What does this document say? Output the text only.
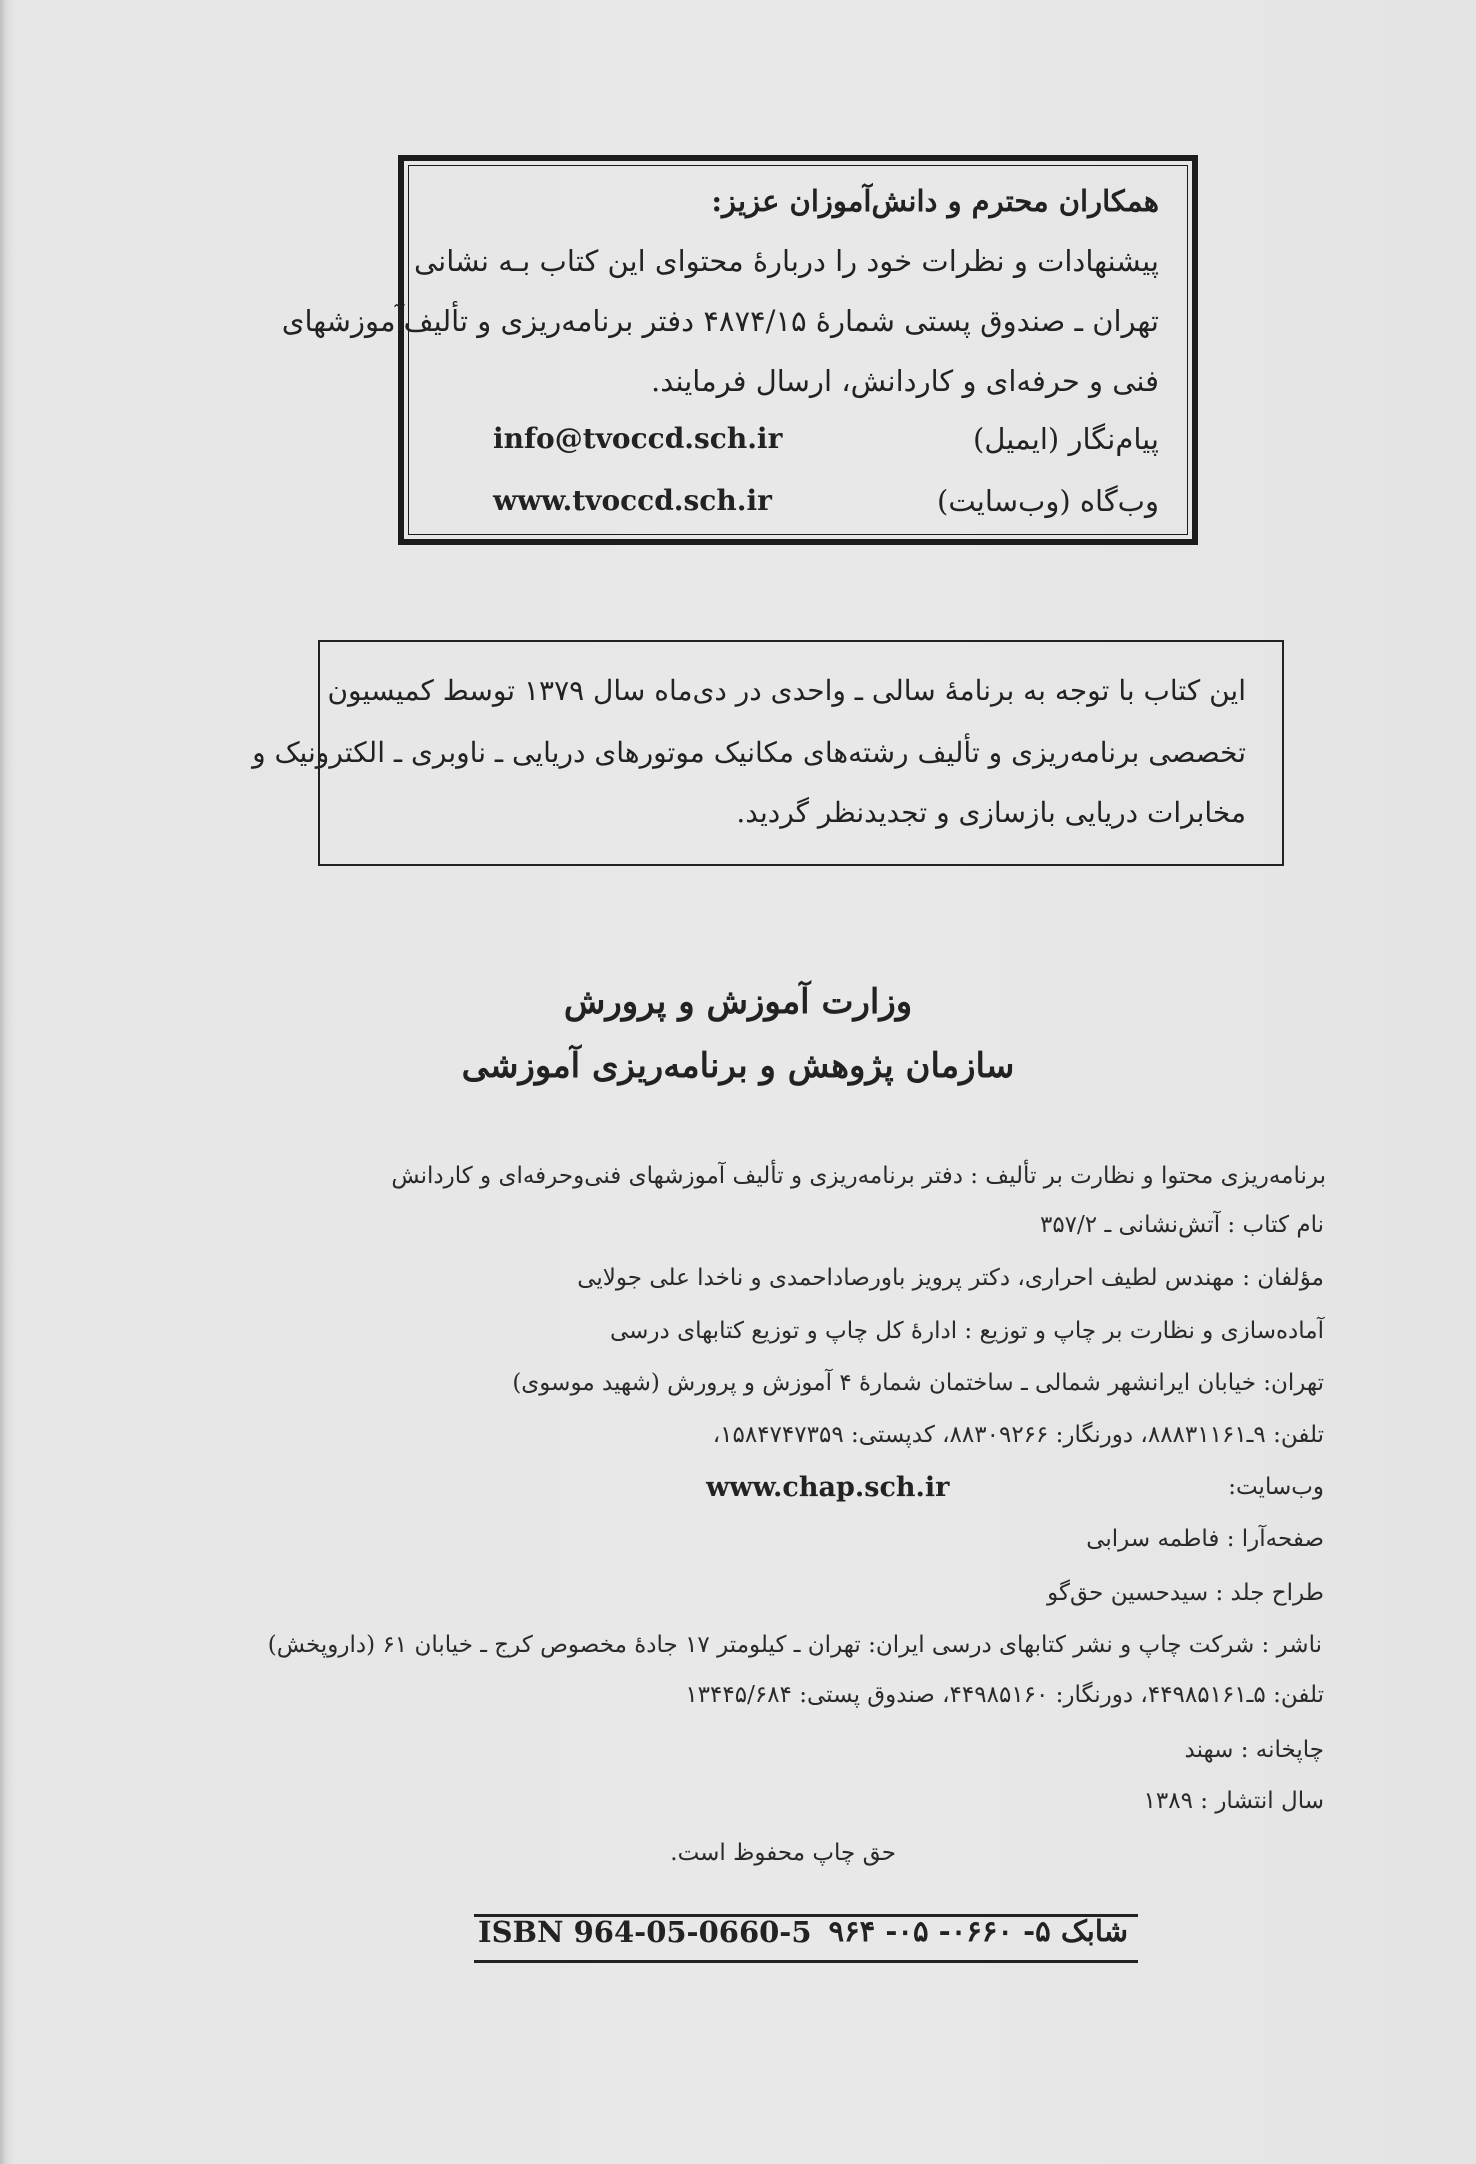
همکاران محترم و دانش‌آموزان عزیز:
پیشنهادات و نظرات خود را دربارهٔ محتوای این کتاب بـه نشانی
تهران ـ صندوق پستی شمارهٔ ۴۸۷۴/۱۵ دفتر برنامه‌ریزی و تألیف‌آموزشهای
فنی و حرفه‌ای و کاردانش، ارسال فرمایند.
پیام‌نگار (ایمیل)
info@tvoccd.sch.ir
وب‌گاه (وب‌سایت)
www.tvoccd.sch.ir
این کتاب با توجه به برنامهٔ سالی ـ واحدی در دی‌ماه سال ۱۳۷۹ توسط کمیسیون
تخصصی برنامه‌ریزی و تألیف رشته‌های مکانیک موتورهای دریایی ـ ناوبری ـ الکترونیک و
مخابرات دریایی بازسازی و تجدیدنظر گردید.
وزارت آموزش و پرورش
سازمان پژوهش و برنامه‌ریزی آموزشی
برنامه‌ریزی محتوا و نظارت بر تألیف : دفتر برنامه‌ریزی و تألیف آموزشهای فنی‌وحرفه‌ای و کاردانش
نام کتاب : آتش‌نشانی ـ ۳۵۷/۲
مؤلفان : مهندس لطیف احراری، دکتر پرویز باورصاداحمدی و ناخدا علی جولایی
آماده‌سازی و نظارت بر چاپ و توزیع : ادارهٔ کل چاپ و توزیع کتابهای درسی
تهران: خیابان ایرانشهر شمالی ـ ساختمان شمارهٔ ۴ آموزش و پرورش (شهید موسوی)
تلفن: ۹ـ۸۸۸۳۱۱۶۱، دورنگار: ۸۸۳۰۹۲۶۶، کدپستی: ۱۵۸۴۷۴۷۳۵۹،
وب‌سایت:
www.chap.sch.ir
صفحه‌آرا : فاطمه سرابی
طراح جلد : سیدحسین حق‌گو
ناشر : شرکت چاپ و نشر کتابهای درسی ایران: تهران ـ کیلومتر ۱۷ جادهٔ مخصوص کرج ـ خیابان ۶۱ (داروپخش)
تلفن: ۵ـ۴۴۹۸۵۱۶۱، دورنگار: ۴۴۹۸۵۱۶۰، صندوق پستی: ۱۳۴۴۵/۶۸۴
چاپخانه : سهند
سال انتشار : ۱۳۸۹
حق چاپ محفوظ است.
ISBN 964-05-0660-5 شابک ۵- ۰۶۶۰- ۰۵- ۹۶۴
